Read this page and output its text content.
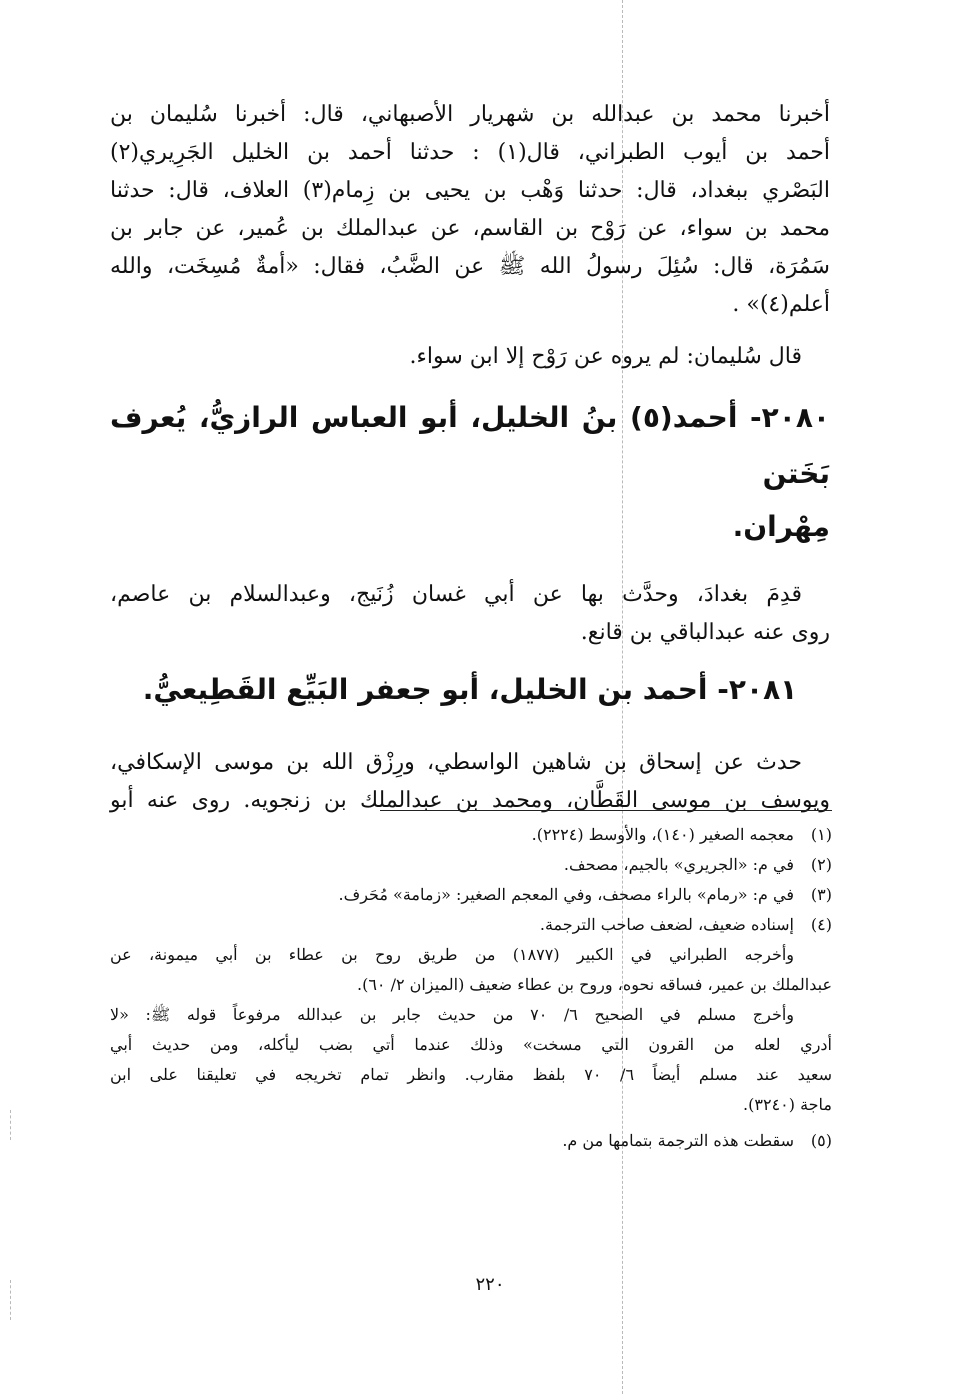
أخبرنا محمد بن عبدالله بن شهريار الأصبهاني، قال: أخبرنا سُليمان بن

أحمد بن أيوب الطبراني، قال(١) : حدثنا أحمد بن الخليل الجَرِيري(٢)

البَصْري ببغداد، قال: حدثنا وَهْب بن يحيى بن زِمام(٣) العلاف، قال: حدثنا

محمد بن سواء، عن رَوْح بن القاسم، عن عبدالملك بن عُمير، عن جابر بن

سَمُرَة، قال: سُئِلَ رسولُ الله ﷺ عن الضَّبُ، فقال: «أمةٌ مُسِخَت، والله

أعلم(٤)» .

قال سُليمان: لم يروه عن رَوْح إلا ابن سواء.

٢٠٨٠- أحمد(٥) بنُ الخليل، أبو العباس الرازيُّ، يُعرف بَخَتن

مِهْران.

قدِمَ بغدادَ، وحدَّث بها عن أبي غسان زُنَيج، وعبدالسلام بن عاصم،

روى عنه عبدالباقي بن قانع.

٢٠٨١- أحمد بن الخليل، أبو جعفر البَيِّع القَطِيعيُّ.

حدث عن إسحاق بن شاهين الواسطي، ورِزْق الله بن موسى الإسكافي،

ويوسف بن موسى القَطَّان، ومحمد بن عبدالملك بن زنجويه. روى عنه أبو

(١)معجمه الصغير (١٤٠)، والأوسط (٢٢٢٤).

(٢)في م: «الجريري» بالجيم، مصحف.

(٣)في م: «رمام» بالراء مصحف، وفي المعجم الصغير: «زمامة» مُحَرف.

(٤)إسناده ضعيف، لضعف صاحب الترجمة.

وأخرجه الطبراني في الكبير (١٨٧٧) من طريق روح بن عطاء بن أبي ميمونة، عن

عبدالملك بن عمير، فساقه نحوه، وروح بن عطاء ضعيف (الميزان ٢/ ٦٠).

وأخرج مسلم في الصحيح ٦/ ٧٠ من حديث جابر بن عبدالله مرفوعاً قوله ﷺ: «لا

أدري لعله من القرون التي مسخت» وذلك عندما أتي بضب ليأكله، ومن حديث أبي

سعيد عند مسلم أيضاً ٦/ ٧٠ بلفظ مقارب. وانظر تمام تخريجه في تعليقنا على ابن

ماجة (٣٢٤٠).

(٥)سقطت هذه الترجمة بتمامها من م.

٢٢٠
